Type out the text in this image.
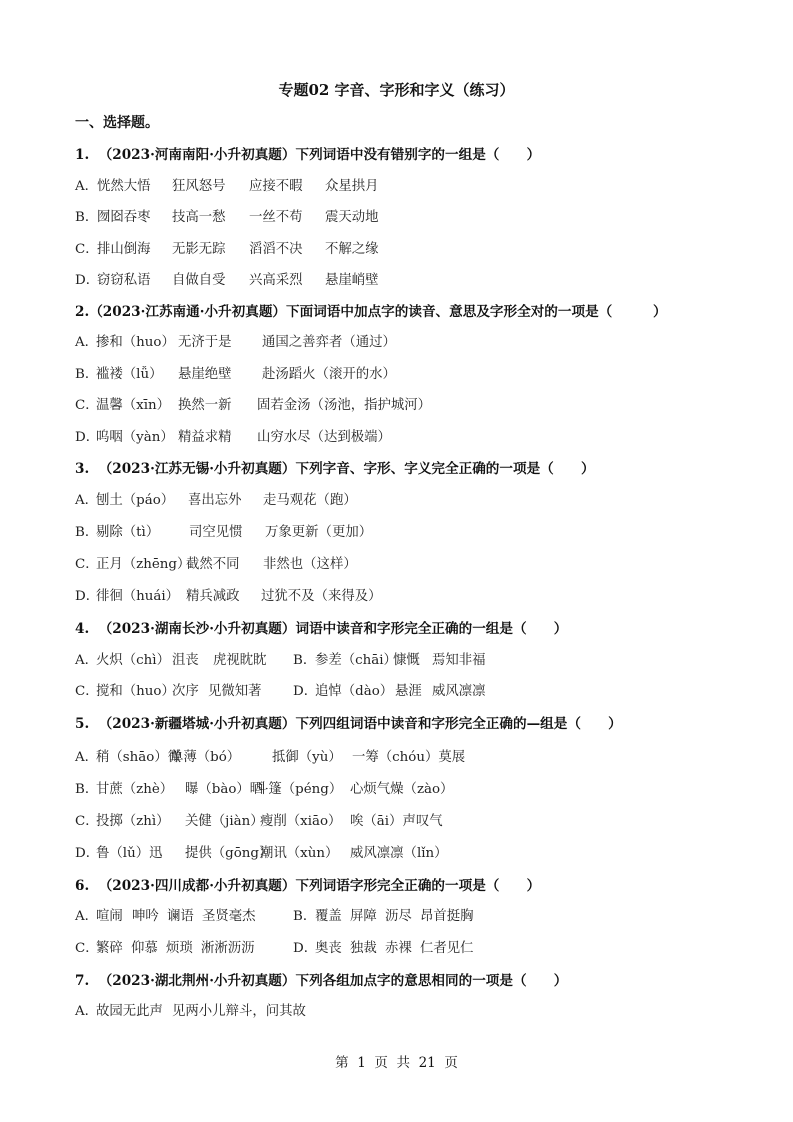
专题02 字音、字形和字义（练习）
一、选择题。
1.  （2023·河南南阳·小升初真题）下列词语中没有错别字的一组是（　　）
A．
恍然大悟 狂风怒号 应接不暇 众星拱月
B．
囫囵吞枣 技高一愁 一丝不苟 震天动地
C．
排山倒海 无影无踪 滔滔不决 不解之缘
D．
窃窃私语 自做自受 兴高采烈 悬崖峭壁
2.（2023·江苏南通·小升初真题）下面词语中加点字的读音、意思及字形全对的一项是（　　　）
A．
掺和（huo） 无济于是 通国之善弈者（通过）
B．
褴褛（lǚ） 悬崖绝壁 赴汤蹈火（滚开的水）
C．
温馨（xīn） 换然一新 固若金汤（汤池，指护城河）
D．
呜咽（yàn） 精益求精 山穷水尽（达到极端）
3.  （2023·江苏无锡·小升初真题）下列字音、字形、字义完全正确的一项是（　　）
A．
刨土（páo） 喜出忘外 走马观花（跑）
B．
剔除（tì） 司空见惯 万象更新（更加）
C．
正月（zhēng）
截然不同 非然也（这样）
D．
徘徊（huái） 精兵减政 过犹不及（来得及）
4.  （2023·湖南长沙·小升初真题）词语中读音和字形完全正确的一组是（　　）
A．
火炽（chì） 沮丧 虎视眈眈 B．
参差（chāi）
慷慨 焉知非福
C．
搅和（huo）
次序 见微知著 D．
追悼（dào） 悬涯 威风凛凛
5.  （2023·新疆塔城·小升初真题）下列四组词语中读音和字形完全正确的—组是（　　）
A．
稍（shāo）微
单薄（bó） 抵御（yù） 一筹（chóu）莫展
B．
甘蔗（zhè） 曝（bào）晒
斗篷（péng） 心烦气燥（zào）
C．
投掷（zhì） 关健（jiàn）
瘦削（xiāo） 唉（āi）声叹气
D．
鲁（lǔ）迅 提供（gōng）
潮讯（xùn） 威风凛凛（lǐn）
6.  （2023·四川成都·小升初真题）下列词语字形完全正确的一项是（　　）
A．
喧闹 呻吟 谰语 圣贤毫杰	B．
覆盖 屏障 沥尽 昂首挺胸
C．
繁碎 仰慕 烦琐 淅淅沥沥	D．
奥丧 独裁 赤裸 仁者见仁
7.  （2023·湖北荆州·小升初真题）下列各组加点字的意思相同的一项是（　　）
A．
故园无此声 见两小儿辩斗，问其故
第  1  页  共  21  页
